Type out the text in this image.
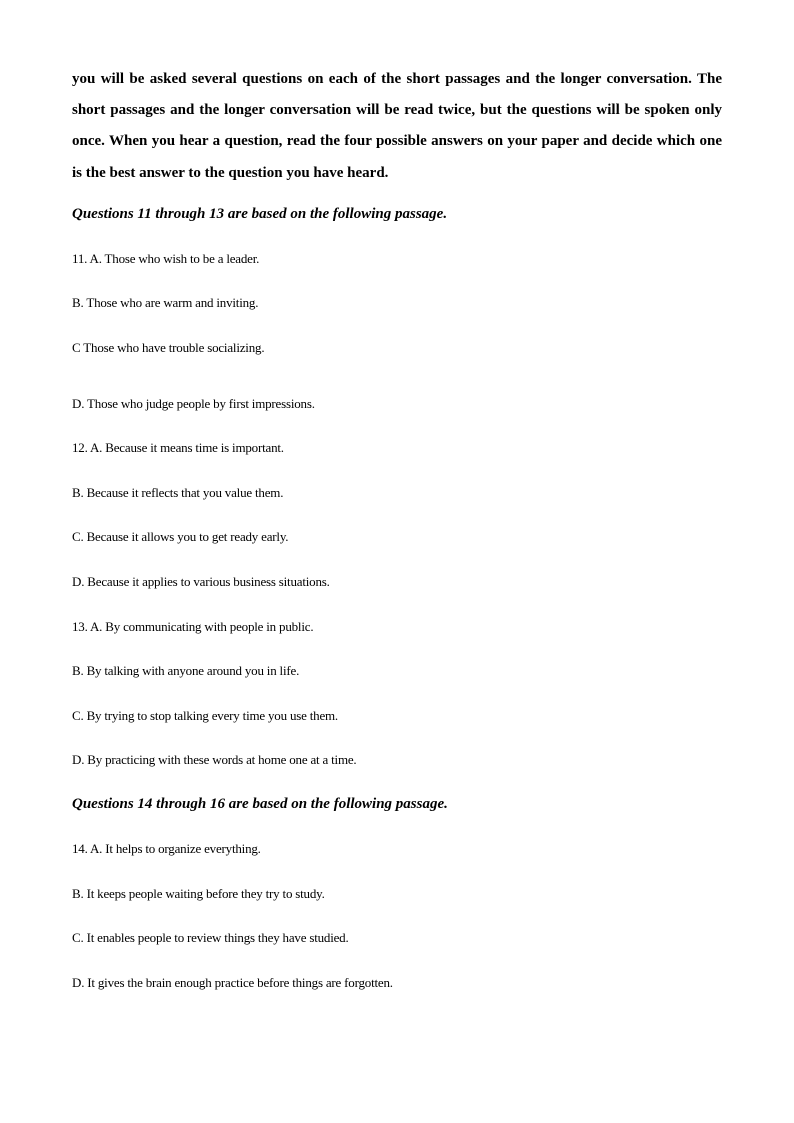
you will be asked several questions on each of the short passages and the longer conversation. The short passages and the longer conversation will be read twice, but the questions will be spoken only once. When you hear a question, read the four possible answers on your paper and decide which one is the best answer to the question you have heard.

Questions 11 through 13 are based on the following passage.

11. A. Those who wish to be a leader.

B. Those who are warm and inviting.

C Those who have trouble socializing.

D. Those who judge people by first impressions.

12. A. Because it means time is important.

B. Because it reflects that you value them.

C. Because it allows you to get ready early.

D. Because it applies to various business situations.

13. A. By communicating with people in public.

B. By talking with anyone around you in life.

C. By trying to stop talking every time you use them.

D. By practicing with these words at home one at a time.

Questions 14 through 16 are based on the following passage.

14. A. It helps to organize everything.

B. It keeps people waiting before they try to study.

C. It enables people to review things they have studied.

D. It gives the brain enough practice before things are forgotten.
